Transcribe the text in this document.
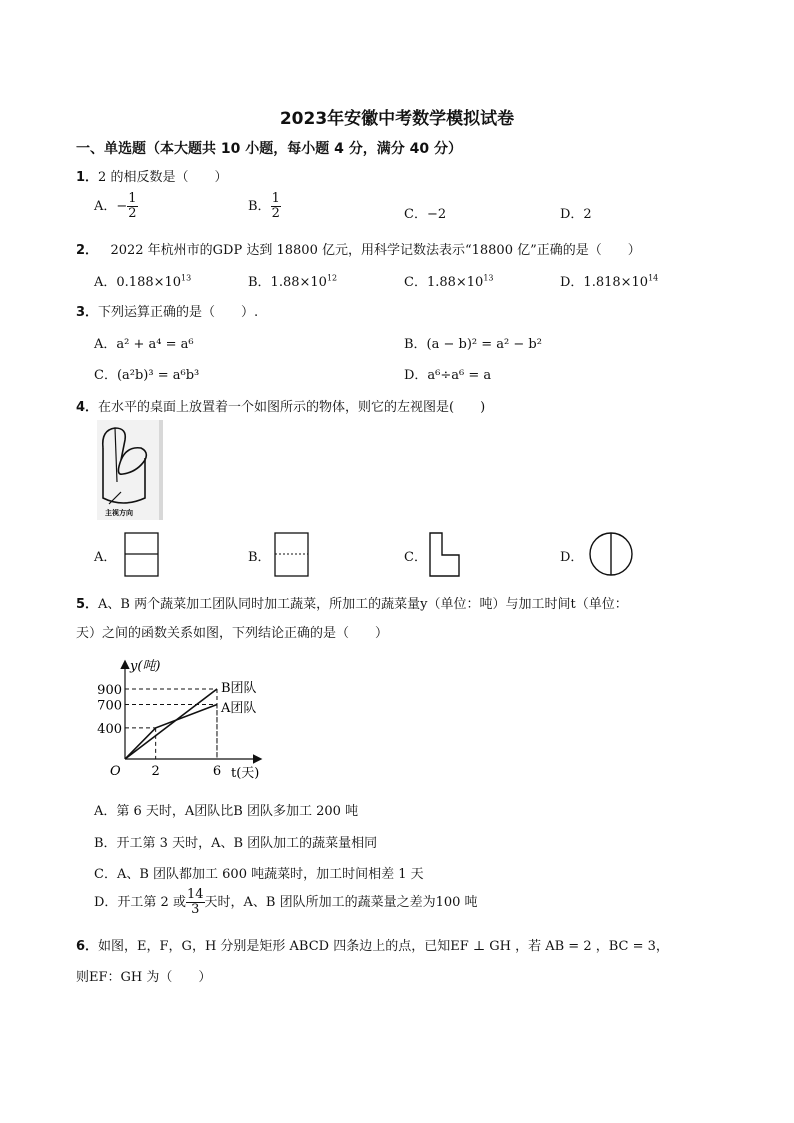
2023年安徽中考数学模拟试卷
一、单选题（本大题共 10 小题，每小题 4 分，满分 40 分）
1．2 的相反数是（　　）
A．− $\frac{1}{2}$	B． $\frac{1}{2}$	C．−2	D．2
2． 2022 年杭州市的GDP 达到 18800 亿元，用科学记数法表示“18800 亿”正确的是（　　）
A．$0.188\times 10^{13}$	B．$1.88\times 10^{12}$	C．$1.88\times 10^{13}$	D．$1.818\times 10^{14}$
3．下列运算正确的是（　　）.
A．a² + a⁴ = a⁶	B．(a − b)² = a² − b²
C．(a²b)³ = a⁶b³	D．a⁶÷a⁶ = a
4．在水平的桌面上放置着一个如图所示的物体，则它的左视图是(　　)
主视方向
A．	B．	C．	D．
5．A、B 两个蔬菜加工团队同时加工蔬菜，所加工的蔬菜量y（单位：吨）与加工时间t（单位：
天）之间的函数关系如图，下列结论正确的是（　　）
y(吨)
t(天)
O
900
700
400
2	6
B团队
A团队
A．第 6 天时，A团队比B 团队多加工 200 吨
B．开工第 3 天时，A、B 团队加工的蔬菜量相同
C．A、B 团队都加工 600 吨蔬菜时，加工时间相差 1 天
D．开工第 2 或 $\frac{14}{3}$ 天时，A、B 团队所加工的蔬菜量之差为100 吨
6．如图，E，F，G，H 分别是矩形 ABCD 四条边上的点，已知EF ⊥ GH ，若 AB = 2 ，BC = 3，
则EF：GH 为（　　）
